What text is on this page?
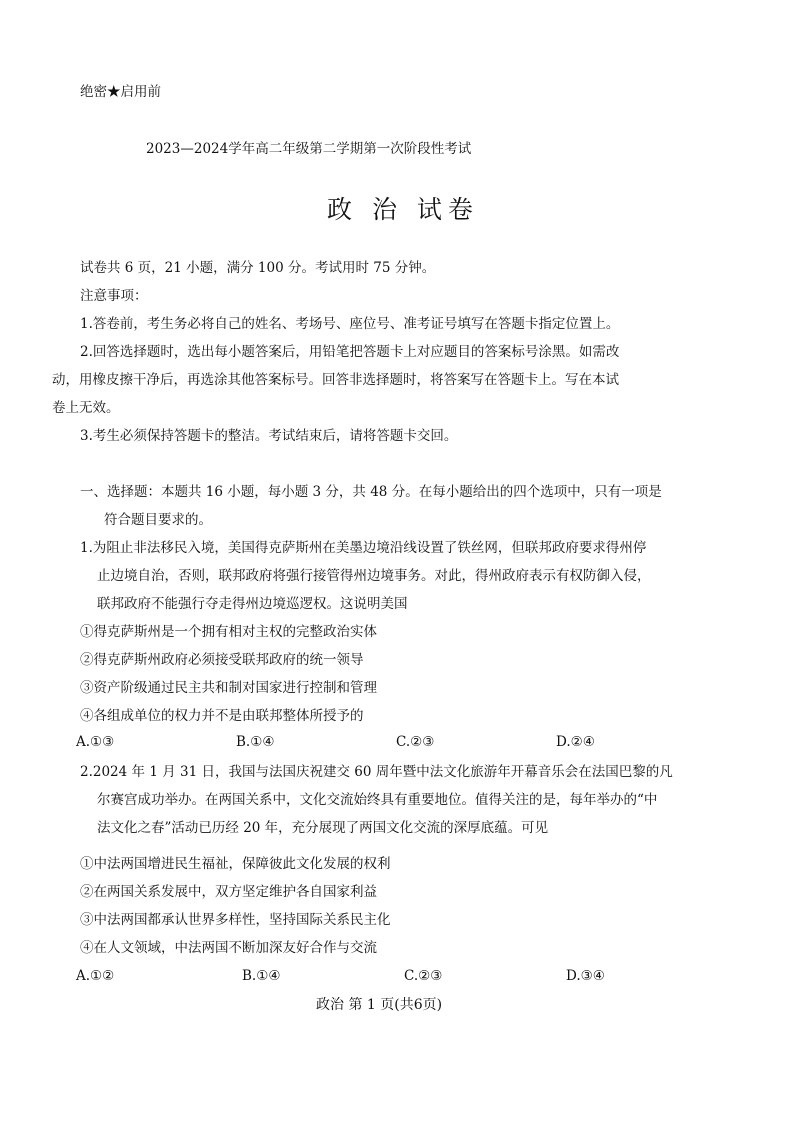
绝密★启用前
2023—2024学年高二年级第二学期第一次阶段性考试
政 治 试卷
试卷共 6 页，21 小题，满分 100 分。考试用时 75 分钟。
注意事项：
1.答卷前，考生务必将自己的姓名、考场号、座位号、准考证号填写在答题卡指定位置上。
2.回答选择题时，选出每小题答案后，用铅笔把答题卡上对应题目的答案标号涂黑。如需改
动，用橡皮擦干净后，再选涂其他答案标号。回答非选择题时，将答案写在答题卡上。写在本试
卷上无效。
3.考生必须保持答题卡的整洁。考试结束后，请将答题卡交回。
一、选择题：本题共 16 小题，每小题 3 分，共 48 分。在每小题给出的四个选项中，只有一项是
符合题目要求的。
1.为阻止非法移民入境，美国得克萨斯州在美墨边境沿线设置了铁丝网，但联邦政府要求得州停
止边境自治，否则，联邦政府将强行接管得州边境事务。对此，得州政府表示有权防御入侵，
联邦政府不能强行夺走得州边境巡逻权。这说明美国
①得克萨斯州是一个拥有相对主权的完整政治实体
②得克萨斯州政府必须接受联邦政府的统一领导
③资产阶级通过民主共和制对国家进行控制和管理
④各组成单位的权力并不是由联邦整体所授予的
A.①③	B.①④	C.②③	D.②④
2.2024 年 1 月 31 日，我国与法国庆祝建交 60 周年暨中法文化旅游年开幕音乐会在法国巴黎的凡
尔赛宫成功举办。在两国关系中，文化交流始终具有重要地位。值得关注的是，每年举办的“中
法文化之春”活动已历经 20 年，充分展现了两国文化交流的深厚底蕴。可见
①中法两国增进民生福祉，保障彼此文化发展的权利
②在两国关系发展中，双方坚定维护各自国家利益
③中法两国都承认世界多样性，坚持国际关系民主化
④在人文领域，中法两国不断加深友好合作与交流
A.①②	B.①④	C.②③	D.③④
政治 第 1 页(共6页)
